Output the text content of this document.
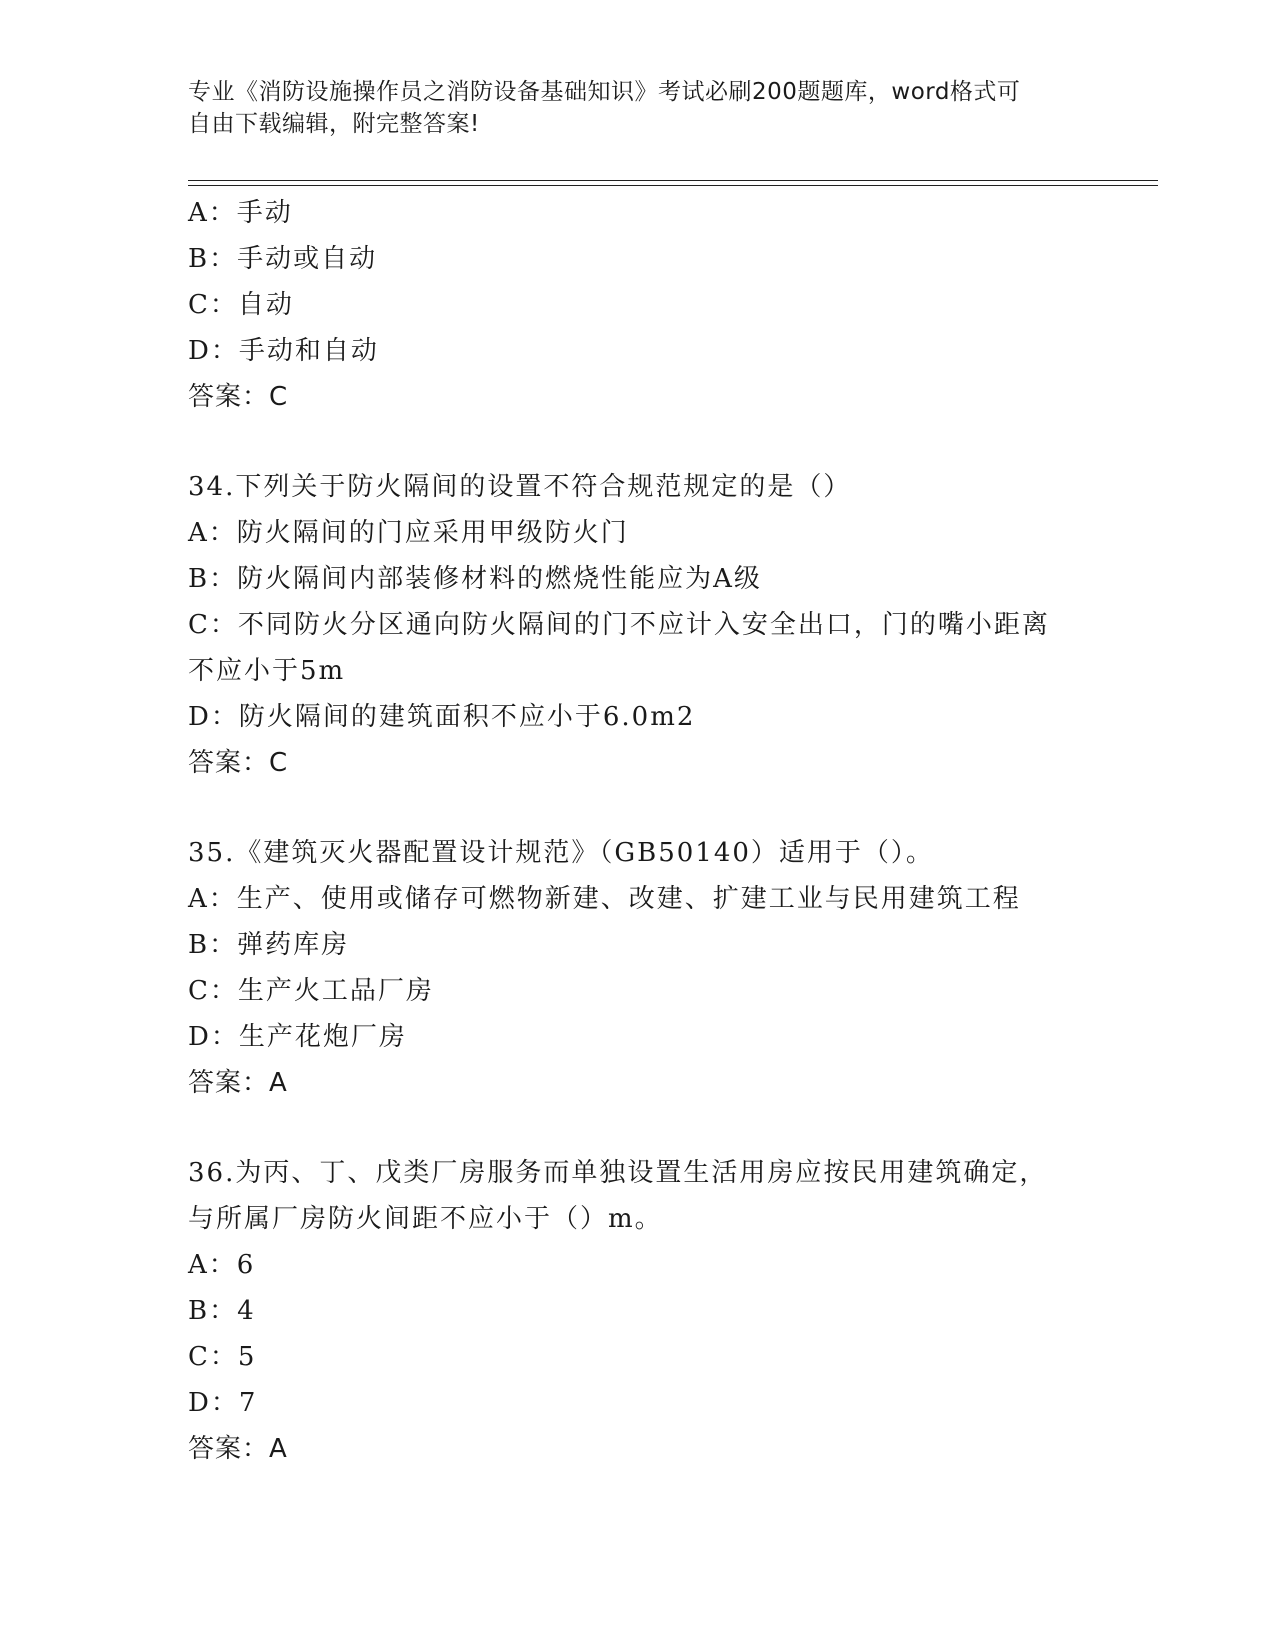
专业《消防设施操作员之消防设备基础知识》考试必刷200题题库，word格式可
自由下载编辑，附完整答案!
A：手动
B：手动或自动
C：自动
D：手动和自动
答案：C
34.下列关于防火隔间的设置不符合规范规定的是（）
A：防火隔间的门应采用甲级防火门
B：防火隔间内部装修材料的燃烧性能应为A级
C：不同防火分区通向防火隔间的门不应计入安全出口，门的嘴小距离
不应小于5m
D：防火隔间的建筑面积不应小于6.0m2
答案：C
35.《建筑灭火器配置设计规范》（GB50140）适用于（）。
A：生产、使用或储存可燃物新建、改建、扩建工业与民用建筑工程
B：弹药库房
C：生产火工品厂房
D：生产花炮厂房
答案：A
36.为丙、丁、戊类厂房服务而单独设置生活用房应按民用建筑确定，
与所属厂房防火间距不应小于（）m。
A：6
B：4
C：5
D：7
答案：A
